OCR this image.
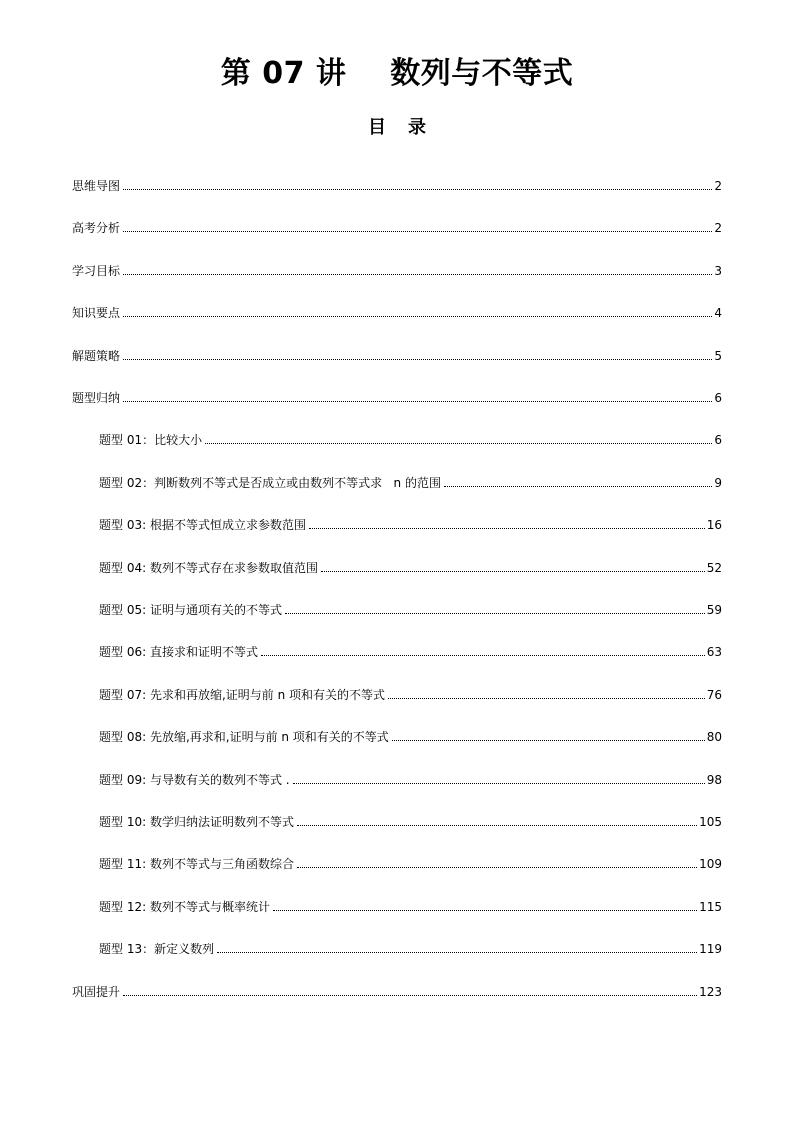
第 07 讲    数列与不等式
目录
思维导图	2
高考分析	2
学习目标	3
知识要点	4
解题策略	5
题型归纳	6
题型 01：比较大小	6
题型 02：判断数列不等式是否成立或由数列不等式求   n 的范围	9
题型 03: 根据不等式恒成立求参数范围	16
题型 04: 数列不等式存在求参数取值范围	52
题型 05: 证明与通项有关的不等式	59
题型 06: 直接求和证明不等式	63
题型 07: 先求和再放缩,证明与前 n 项和有关的不等式	76
题型 08: 先放缩,再求和,证明与前 n 项和有关的不等式	80
题型 09: 与导数有关的数列不等式 .	98
题型 10: 数学归纳法证明数列不等式	105
题型 11: 数列不等式与三角函数综合	109
题型 12: 数列不等式与概率统计	115
题型 13：新定义数列	119
巩固提升	123
